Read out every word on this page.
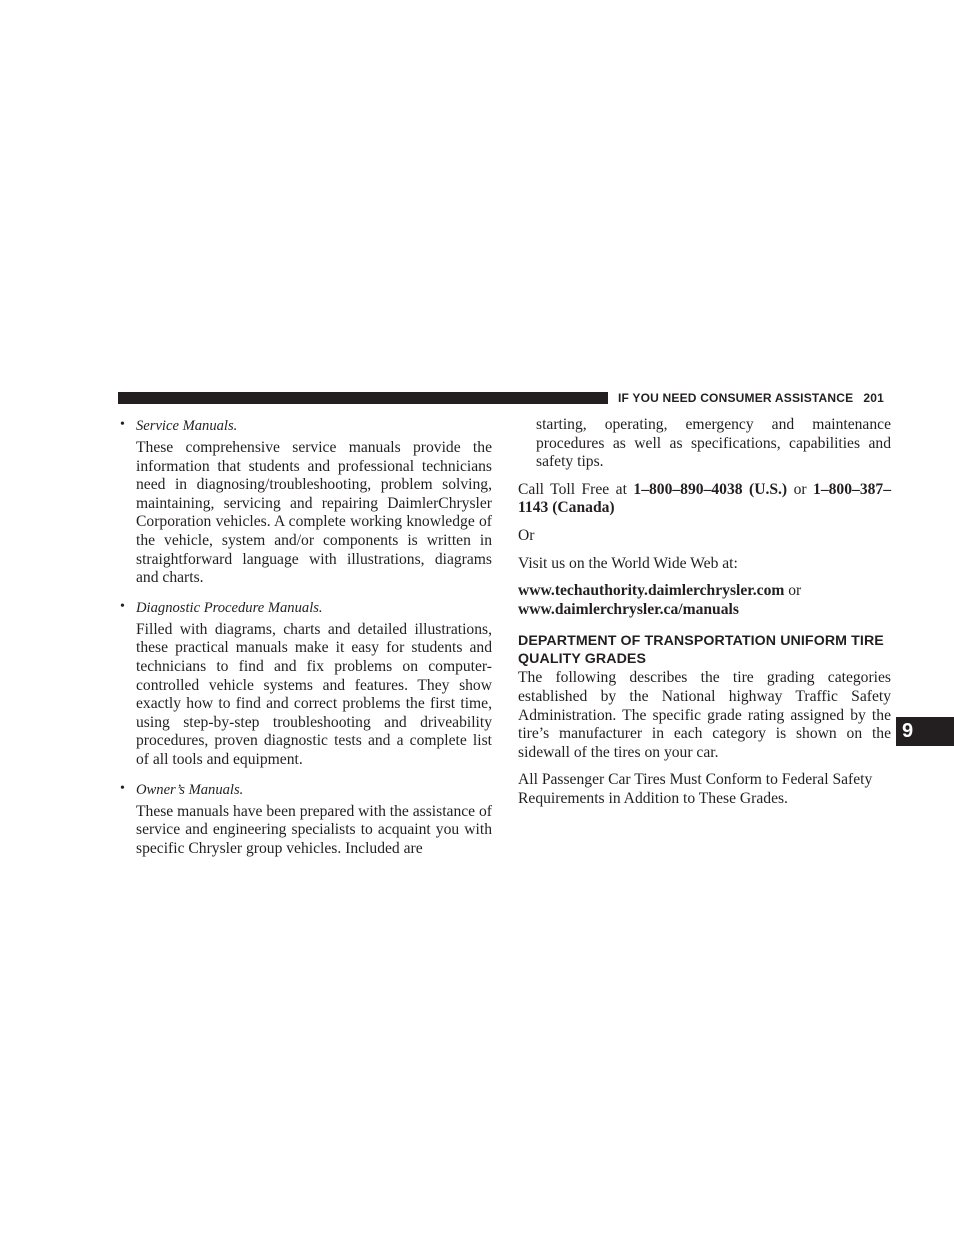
IF YOU NEED CONSUMER ASSISTANCE 201
• Service Manuals.

These comprehensive service manuals provide the information that students and professional technicians need in diagnosing/troubleshooting, problem solving, maintaining, servicing and repairing DaimlerChrysler Corporation vehicles. A complete working knowledge of the vehicle, system and/or components is written in straightforward language with illustrations, diagrams and charts.

• Diagnostic Procedure Manuals.

Filled with diagrams, charts and detailed illustrations, these practical manuals make it easy for students and technicians to find and fix problems on computer-controlled vehicle systems and features. They show exactly how to find and correct problems the first time, using step-by-step troubleshooting and driveability procedures, proven diagnostic tests and a complete list of all tools and equipment.

• Owner’s Manuals.

These manuals have been prepared with the assistance of service and engineering specialists to acquaint you with specific Chrysler group vehicles. Included are

starting, operating, emergency and maintenance procedures as well as specifications, capabilities and safety tips.

Call Toll Free at 1–800–890–4038 (U.S.) or 1–800–387–1143 (Canada)

Or

Visit us on the World Wide Web at:

www.techauthority.daimlerchrysler.com or
www.daimlerchrysler.ca/manuals

DEPARTMENT OF TRANSPORTATION UNIFORM TIRE QUALITY GRADES

The following describes the tire grading categories established by the National highway Traffic Safety Administration. The specific grade rating assigned by the tire’s manufacturer in each category is shown on the sidewall of the tires on your car.

All Passenger Car Tires Must Conform to Federal Safety Requirements in Addition to These Grades.

9
